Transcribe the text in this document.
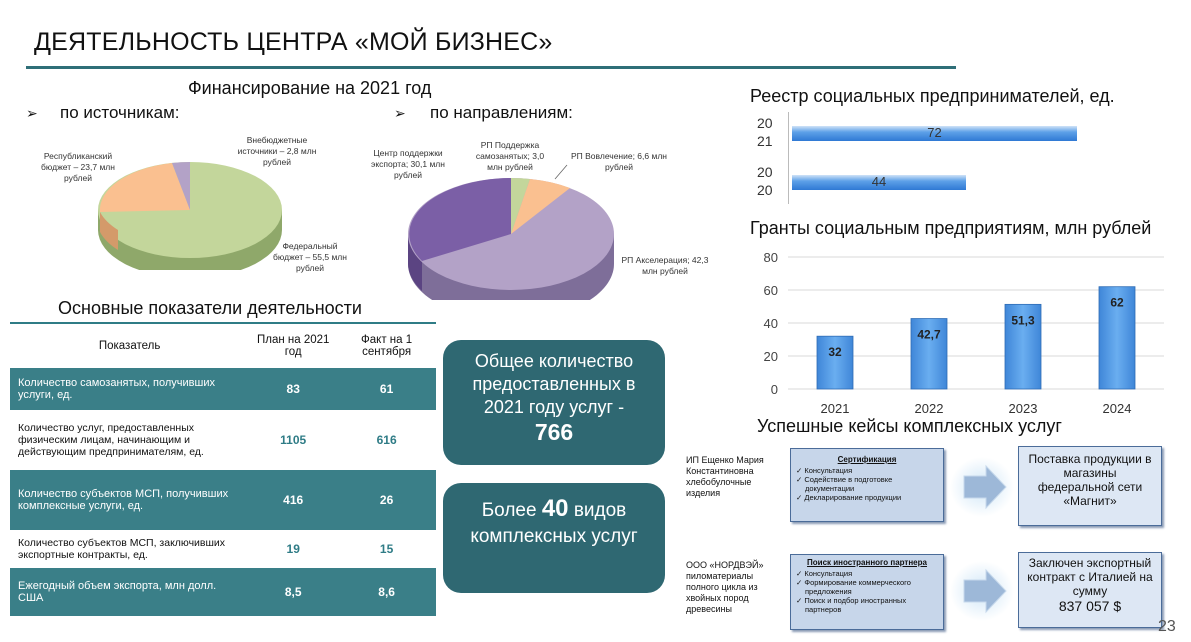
ДЕЯТЕЛЬНОСТЬ ЦЕНТРА «МОЙ БИЗНЕС»
Финансирование на 2021 год
➢ по источникам:	➢ по направлениям:
Республиканский бюджет – 23,7 млн рублей
Внебюджетные источники – 2,8 млн рублей
Федеральный бюджет – 55,5 млн рублей
Центр поддержки экспорта; 30,1 млн рублей
РП Поддержка самозанятых; 3,0 млн рублей
РП Вовлечение; 6,6 млн рублей
РП Акселерация; 42,3 млн рублей
Основные показатели деятельности
Показатель	План на 2021 год	Факт на 1 сентября
Количество самозанятых, получивших услуги, ед.	83	61
Количество услуг, предоставленных физическим лицам, начинающим и действующим предпринимателям, ед.	1105	616
Количество субъектов МСП, получивших комплексные услуги, ед.	416	26
Количество субъектов МСП, заключивших экспортные контракты, ед.	19	15
Ежегодный объем экспорта, млн долл. США	8,5	8,6
Общее количество предоставленных в 2021 году услуг -
766
Более 40 видов комплексных услуг
Реестр социальных предпринимателей, ед.
20
21
20
20
72
44
Гранты социальным предприятиям, млн рублей
0
20
40
60
80
32
2021
42,7
2022
51,3
2023
62
2024
Успешные кейсы комплексных услуг
ИП Ещенко Мария
Константиновна
хлебобулочные
изделия
Сертификация
✓ Консультация
✓ Содействие в подготовке документации
✓ Декларирование продукции
Поставка продукции в магазины федеральной сети «Магнит»
ООО «НОРДВЭЙ»
пиломатериалы
полного цикла из
хвойных пород
древесины
Поиск иностранного партнера
✓ Консультация
✓ Формирование коммерческого предложения
✓ Поиск и подбор иностранных партнеров
Заключен экспортный контракт с Италией на сумму
837 057 $
23
